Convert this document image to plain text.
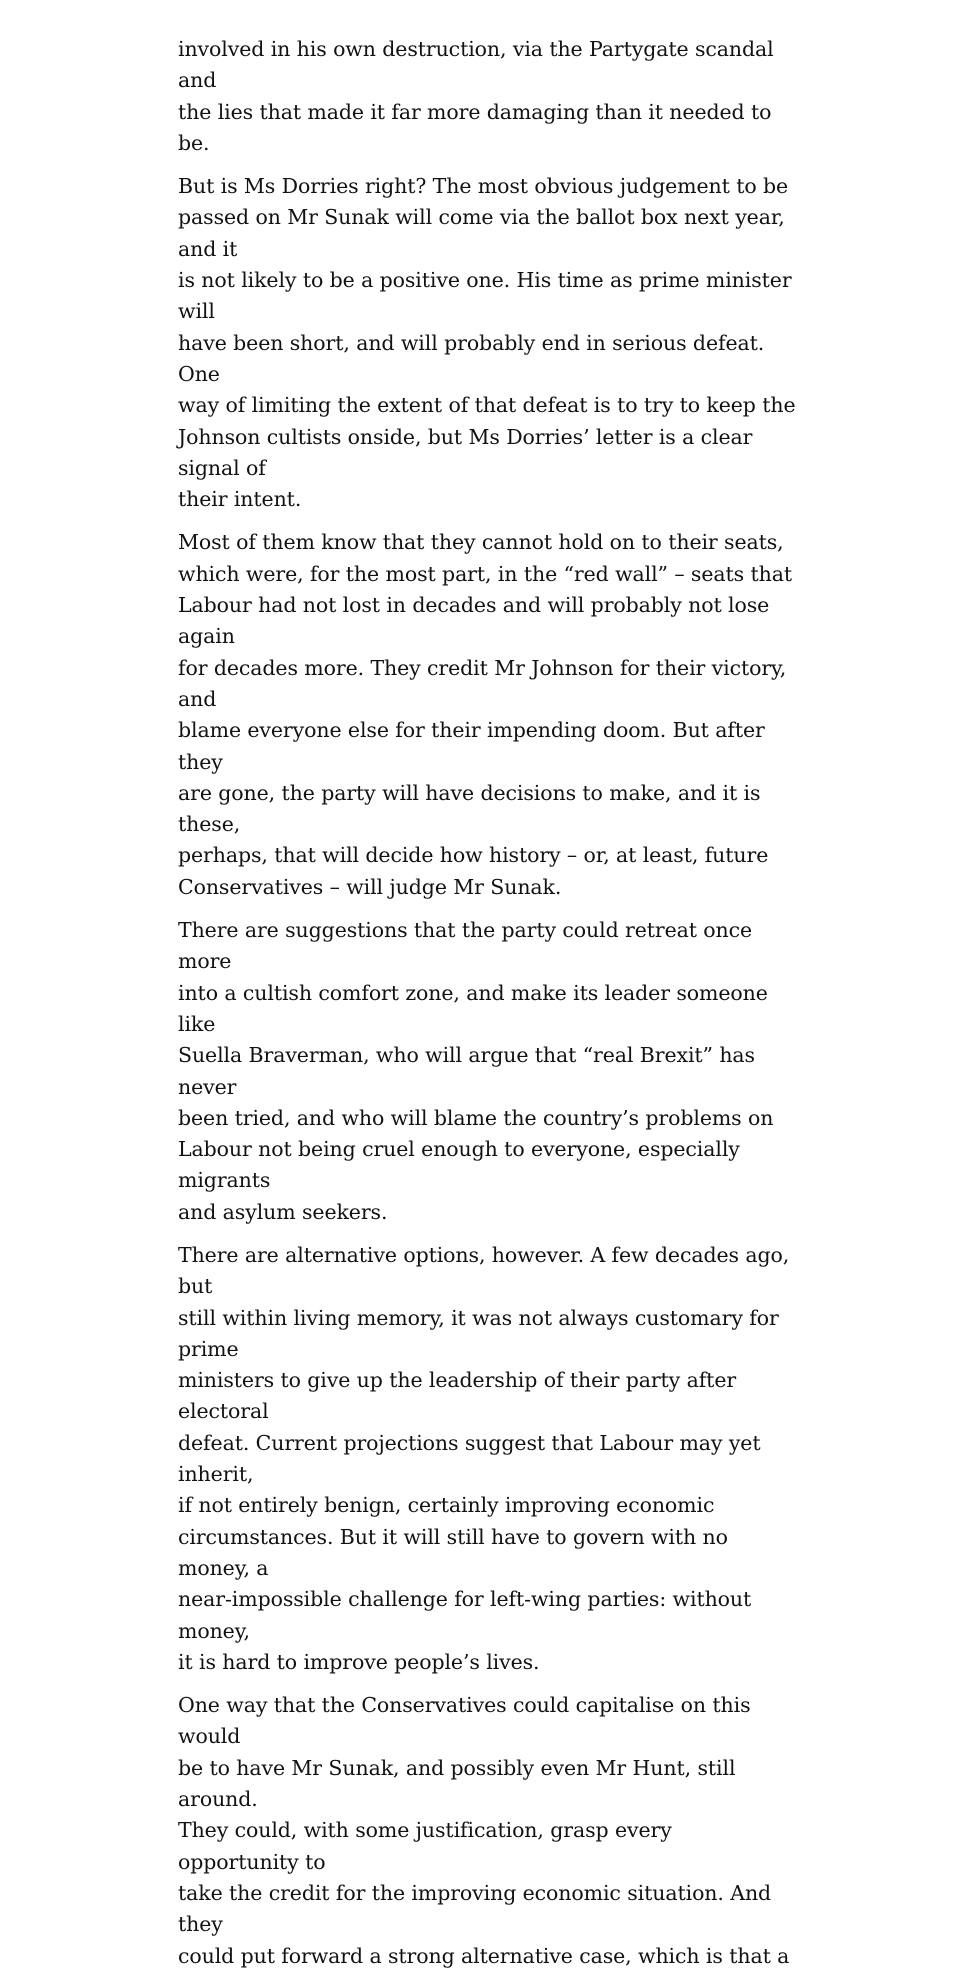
involved in his own destruction, via the Partygate scandal and
the lies that made it far more damaging than it needed to be.

But is Ms Dorries right? The most obvious judgement to be
passed on Mr Sunak will come via the ballot box next year, and it
is not likely to be a positive one. His time as prime minister will
have been short, and will probably end in serious defeat. One
way of limiting the extent of that defeat is to try to keep the
Johnson cultists onside, but Ms Dorries’ letter is a clear signal of
their intent.

Most of them know that they cannot hold on to their seats,
which were, for the most part, in the “red wall” – seats that
Labour had not lost in decades and will probably not lose again
for decades more. They credit Mr Johnson for their victory, and
blame everyone else for their impending doom. But after they
are gone, the party will have decisions to make, and it is these,
perhaps, that will decide how history – or, at least, future
Conservatives – will judge Mr Sunak.

There are suggestions that the party could retreat once more
into a cultish comfort zone, and make its leader someone like
Suella Braverman, who will argue that “real Brexit” has never
been tried, and who will blame the country’s problems on
Labour not being cruel enough to everyone, especially migrants
and asylum seekers.

There are alternative options, however. A few decades ago, but
still within living memory, it was not always customary for prime
ministers to give up the leadership of their party after electoral
defeat. Current projections suggest that Labour may yet inherit,
if not entirely benign, certainly improving economic
circumstances. But it will still have to govern with no money, a
near-impossible challenge for left-wing parties: without money,
it is hard to improve people’s lives.

One way that the Conservatives could capitalise on this would
be to have Mr Sunak, and possibly even Mr Hunt, still around.
They could, with some justification, grasp every opportunity to
take the credit for the improving economic situation. And they
could put forward a strong alternative case, which is that a
